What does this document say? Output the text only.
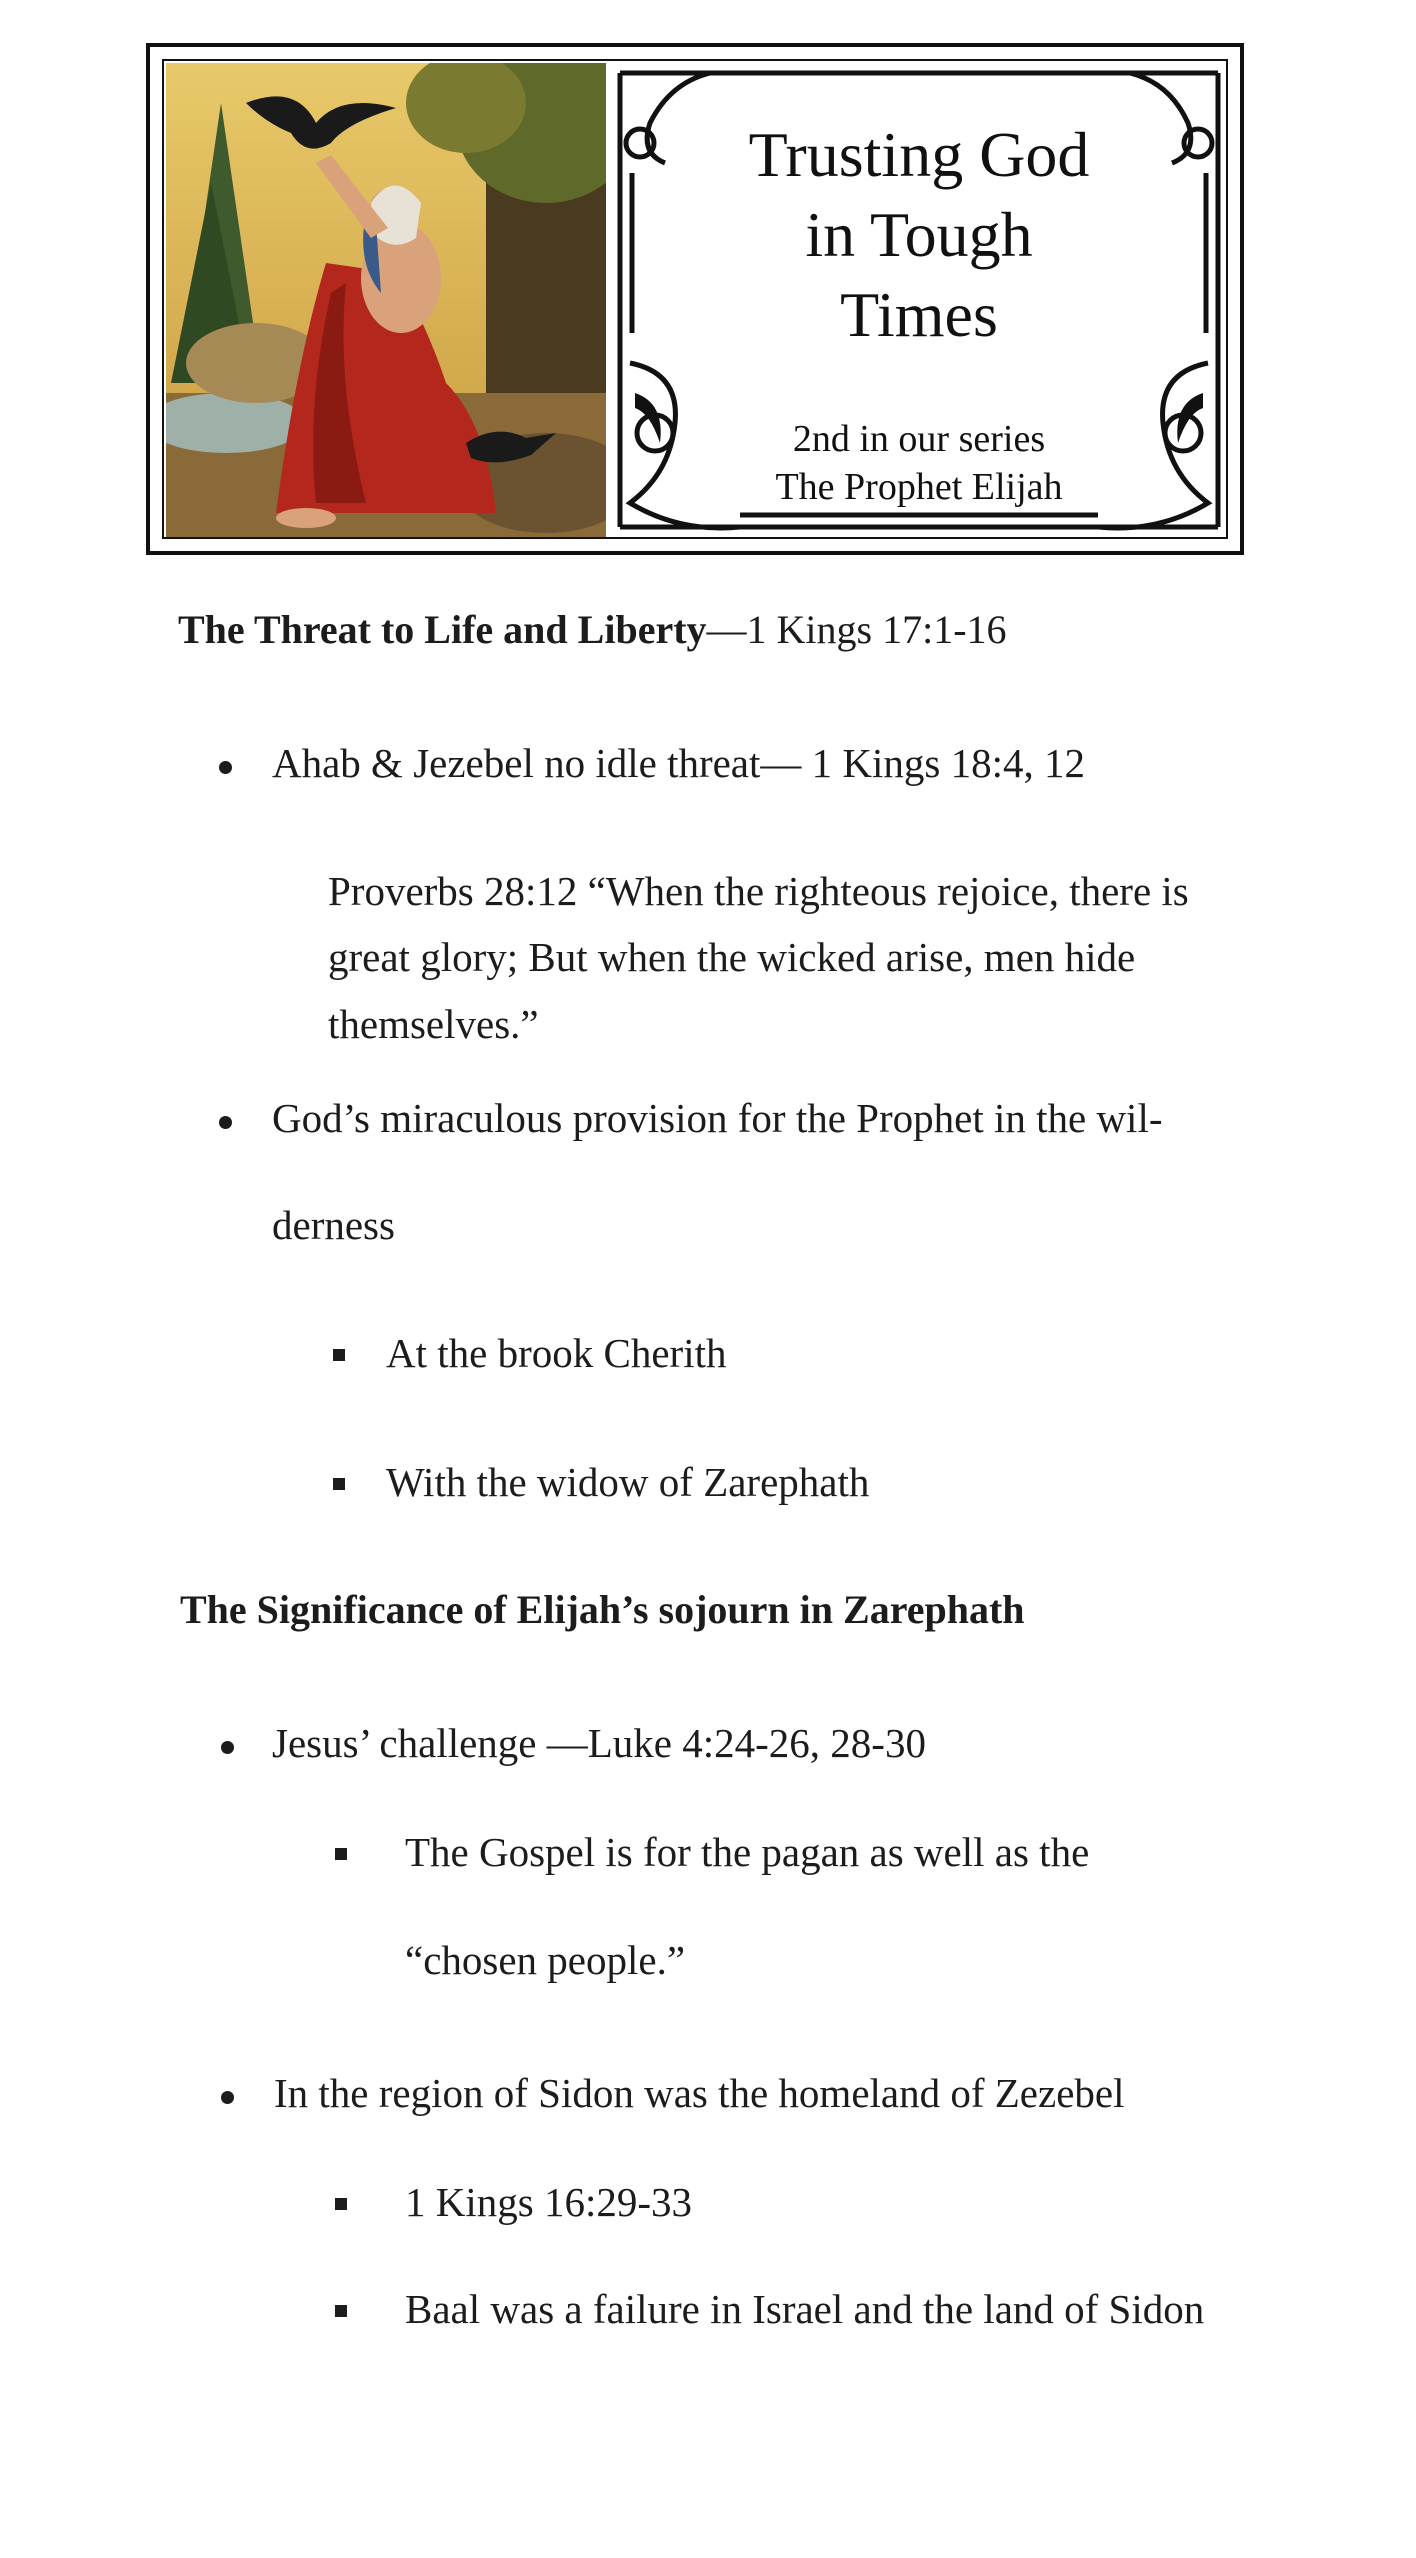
Trusting God
in Tough
Times
2nd in our series
The Prophet Elijah
The Threat to Life and Liberty—1 Kings 17:1-16
Ahab & Jezebel no idle threat— 1 Kings 18:4, 12
Proverbs 28:12 “When the righteous rejoice, there is
great glory; But when the wicked arise, men hide
themselves.”
God’s miraculous provision for the Prophet in the wil-
derness
At the brook Cherith
With the widow of Zarephath
The Significance of Elijah’s sojourn in Zarephath
Jesus’ challenge —Luke 4:24-26, 28-30
The Gospel is for the pagan as well as the
“chosen people.”
In the region of Sidon was the homeland of Zezebel
1 Kings 16:29-33
Baal was a failure in Israel and the land of Sidon
